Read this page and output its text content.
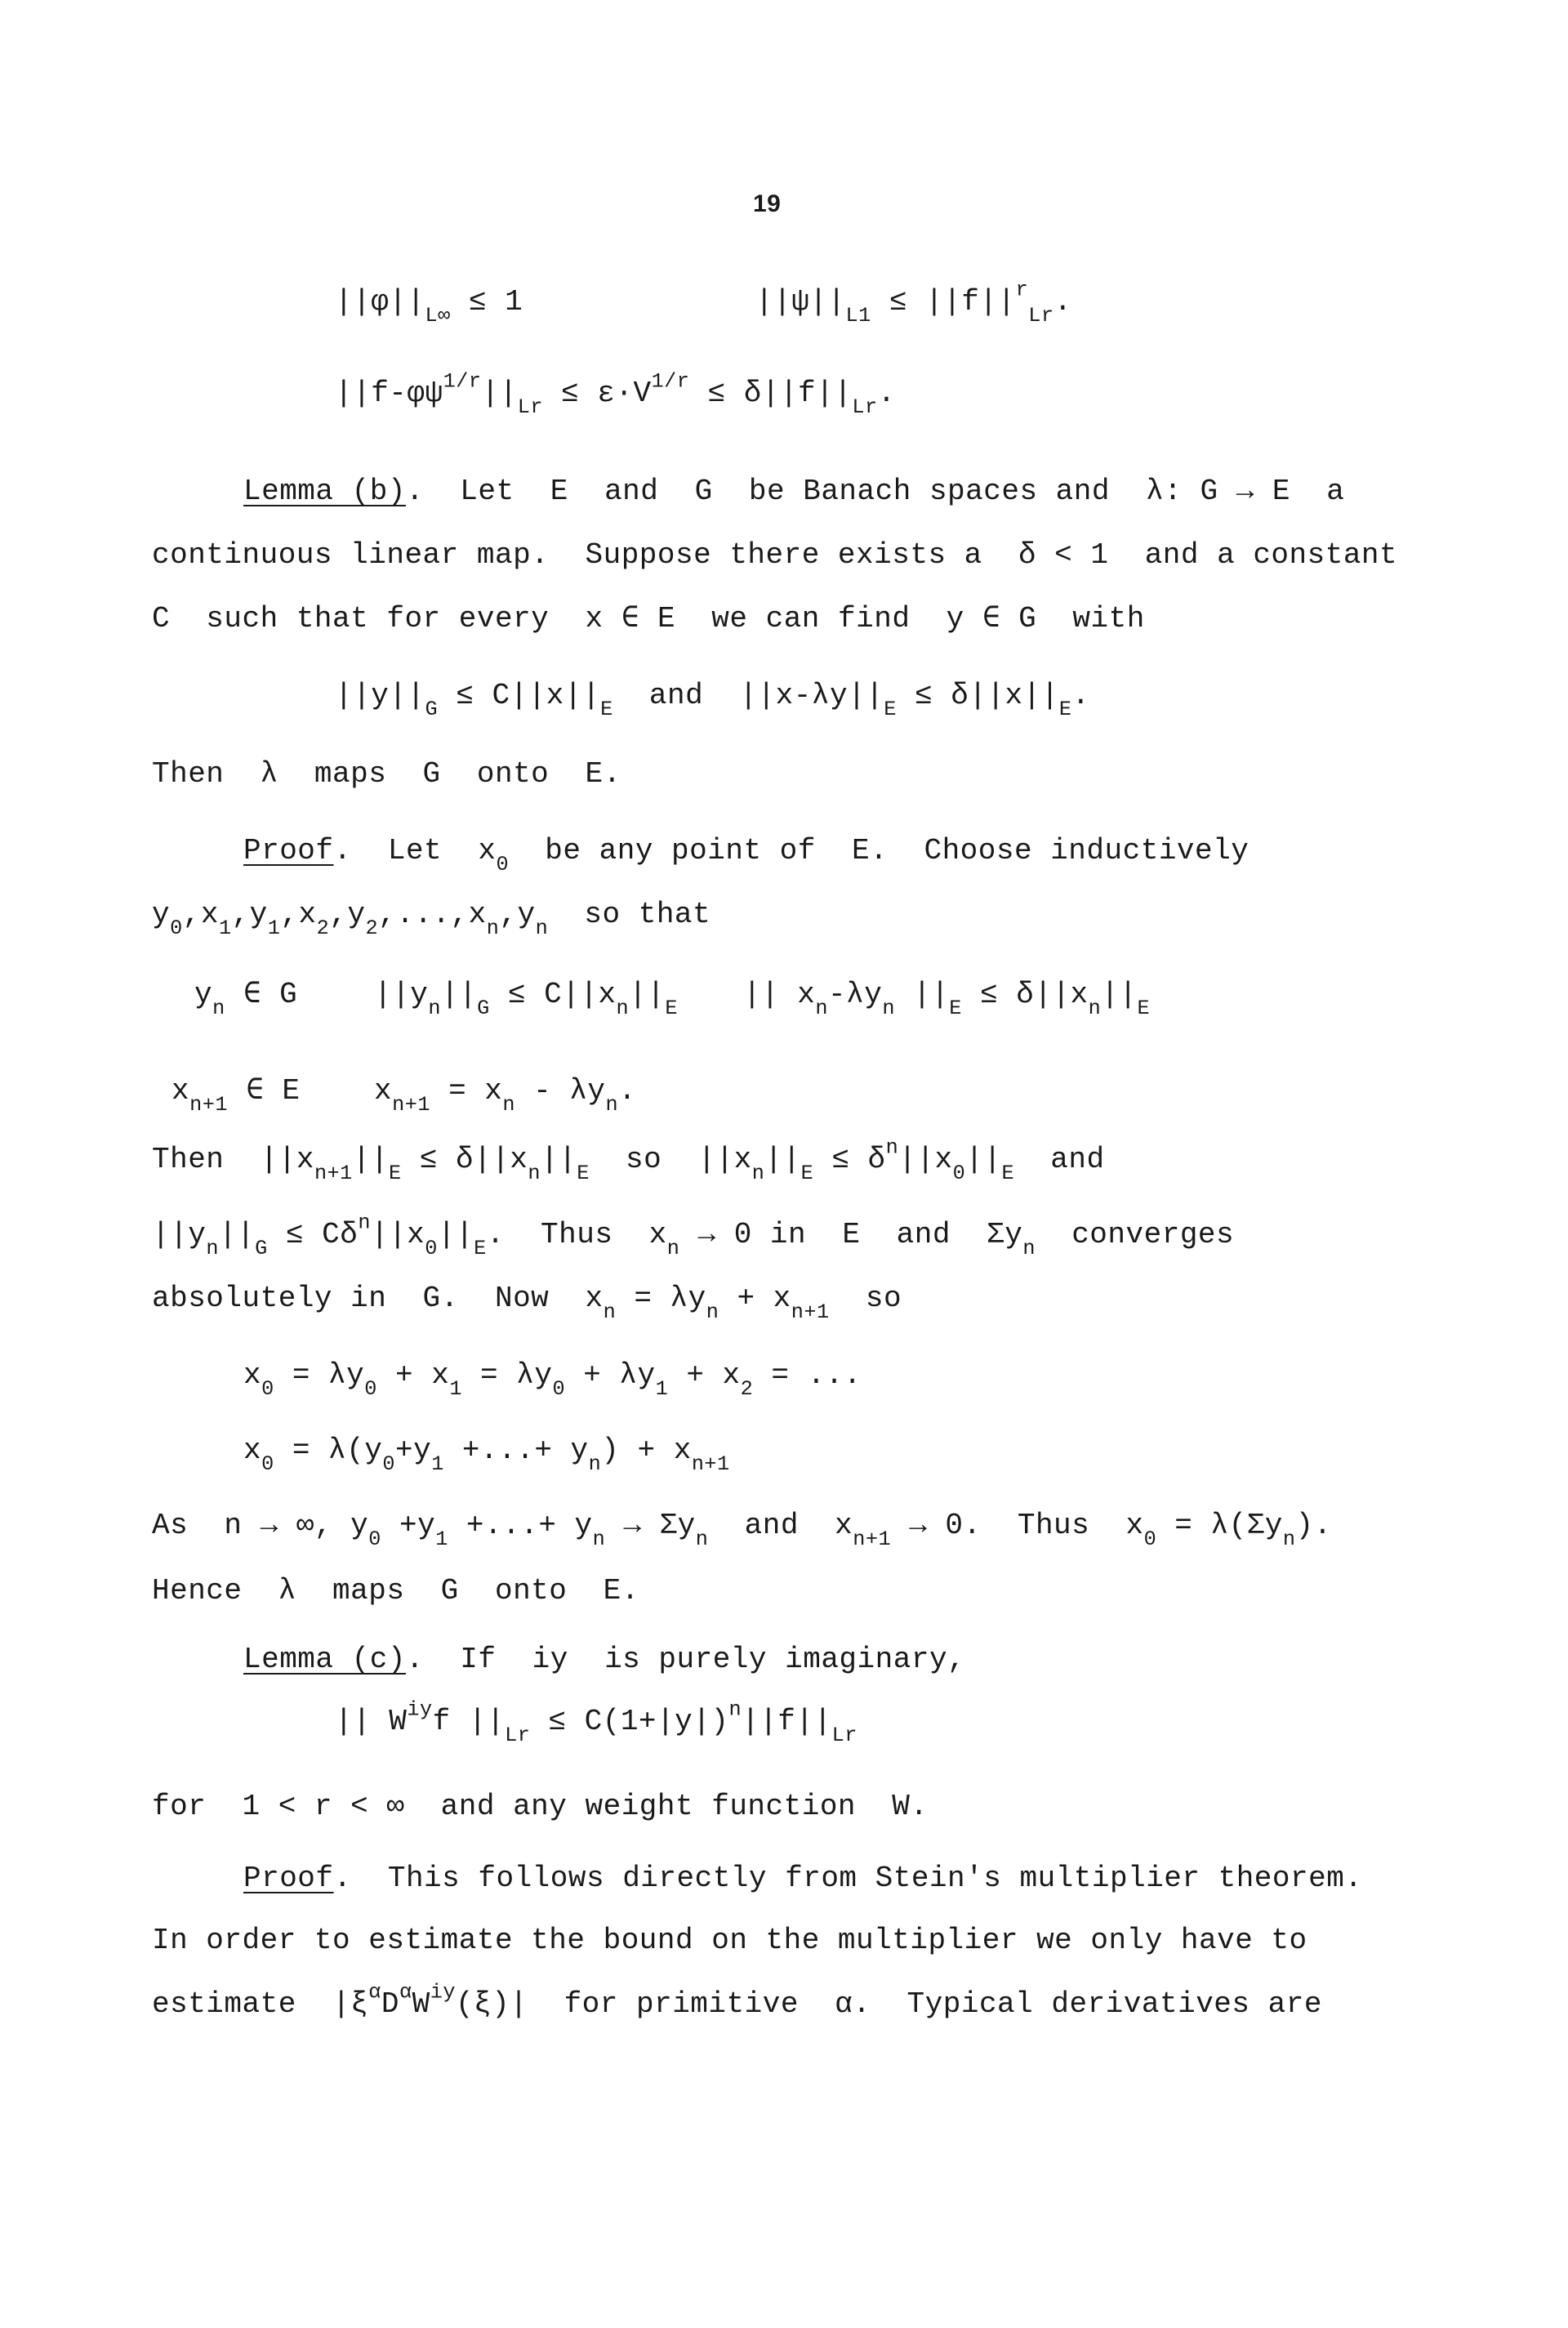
19
$||\varphi||_{L\infty} \le 1$	$||\psi||_{L1} \le ||f||^r_{Lr}$.
$||f-\varphi\psi^{1/r}||_{Lr} \le \varepsilon\cdot V^{1/r} \le \delta||f||_{Lr}$.
Lemma (b).  Let  E  and  G  be Banach spaces and  λ: G → E  a
continuous linear map.  Suppose there exists a  δ < 1  and a constant
C  such that for every  x ∈ E  we can find  y ∈ G  with
$||y||_G \le C||x||_E$  and  $||x-\lambda y||_E \le \delta||x||_E$.
Then  λ  maps  G  onto  E.
Proof.  Let  $x_0$  be any point of  E.  Choose inductively
$y_0,x_1,y_1,x_2,y_2,...,x_n,y_n$  so that
$y_n$ ∈ G	$||y_n||_G \le C||x_n||_E$ || $x_n-\lambda y_n$ $||_E \le \delta||x_n||_E$
$x_{n+1}$ ∈ E	$x_{n+1} = x_n - \lambda y_n$.
Then  $||x_{n+1}||_E \le \delta||x_n||_E$  so  $||x_n||_E \le \delta^n||x_0||_E$  and
$||y_n||_G \le C\delta^n||x_0||_E$.  Thus  $x_n \to 0$ in  E  and  $\Sigma y_n$  converges
absolutely in  G.  Now  $x_n = \lambda y_n + x_{n+1}$  so
$x_0 = \lambda y_0 + x_1 = \lambda y_0 + \lambda y_1 + x_2$ = ...
$x_0 = \lambda(y_0+y_1$ +...+ $y_n) + x_{n+1}$
As  n → ∞, $y_0 +y_1$ +...+ $y_n \to \Sigma y_n$  and  $x_{n+1} \to 0$.  Thus  $x_0 = \lambda(\Sigma y_n)$.
Hence  λ  maps  G  onto  E.
Lemma (c).  If  iy  is purely imaginary,
|| $W^{iy}f$ $||_{Lr} \le C(1+|y|)^n||f||_{Lr}$
for  1 < r < ∞  and any weight function  W.
Proof.  This follows directly from Stein's multiplier theorem.
In order to estimate the bound on the multiplier we only have to
estimate  $|\xi^\alpha D^\alpha W^{iy}(\xi)|$  for primitive  α.  Typical derivatives are
